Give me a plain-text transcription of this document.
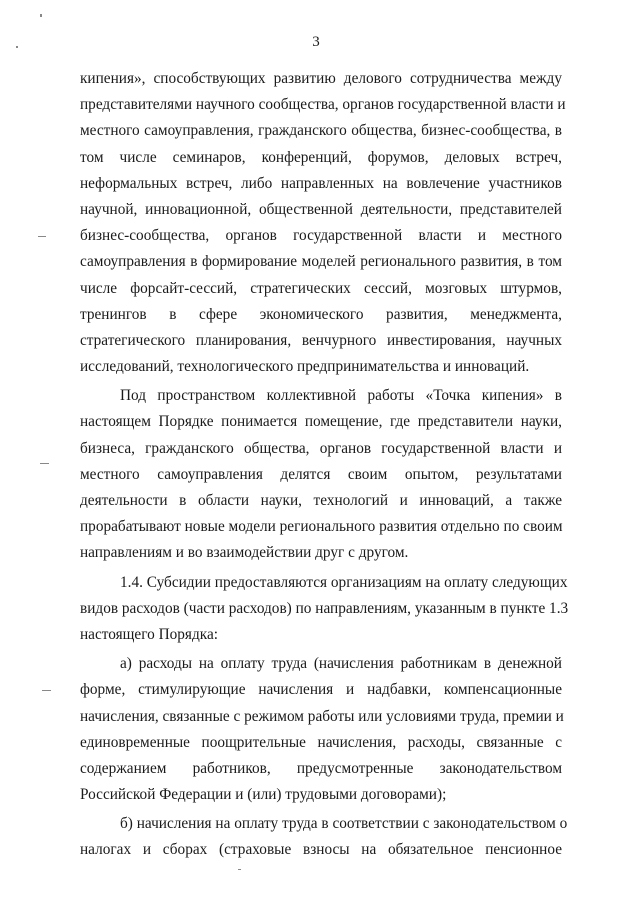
3

кипения», способствующих развитию делового сотрудничества между
представителями научного сообщества, органов государственной власти и
местного самоуправления, гражданского общества, бизнес-сообщества, в
том числе семинаров, конференций, форумов, деловых встреч,
неформальных встреч, либо направленных на вовлечение участников
научной, инновационной, общественной деятельности, представителей
бизнес-сообщества, органов государственной власти и местного
самоуправления в формирование моделей регионального развития, в том
числе форсайт-сессий, стратегических сессий, мозговых штурмов,
тренингов в сфере экономического развития, менеджмента,
стратегического планирования, венчурного инвестирования, научных
исследований, технологического предпринимательства и инноваций.

Под пространством коллективной работы «Точка кипения» в
настоящем Порядке понимается помещение, где представители науки,
бизнеса, гражданского общества, органов государственной власти и
местного самоуправления делятся своим опытом, результатами
деятельности в области науки, технологий и инноваций, а также
прорабатывают новые модели регионального развития отдельно по своим
направлениям и во взаимодействии друг с другом.

1.4. Субсидии предоставляются организациям на оплату следующих
видов расходов (части расходов) по направлениям, указанным в пункте 1.3
настоящего Порядка:

а) расходы на оплату труда (начисления работникам в денежной
форме, стимулирующие начисления и надбавки, компенсационные
начисления, связанные с режимом работы или условиями труда, премии и
единовременные поощрительные начисления, расходы, связанные с
содержанием работников, предусмотренные законодательством
Российской Федерации и (или) трудовыми договорами);

б) начисления на оплату труда в соответствии с законодательством о
налогах и сборах (страховые взносы на обязательное пенсионное
